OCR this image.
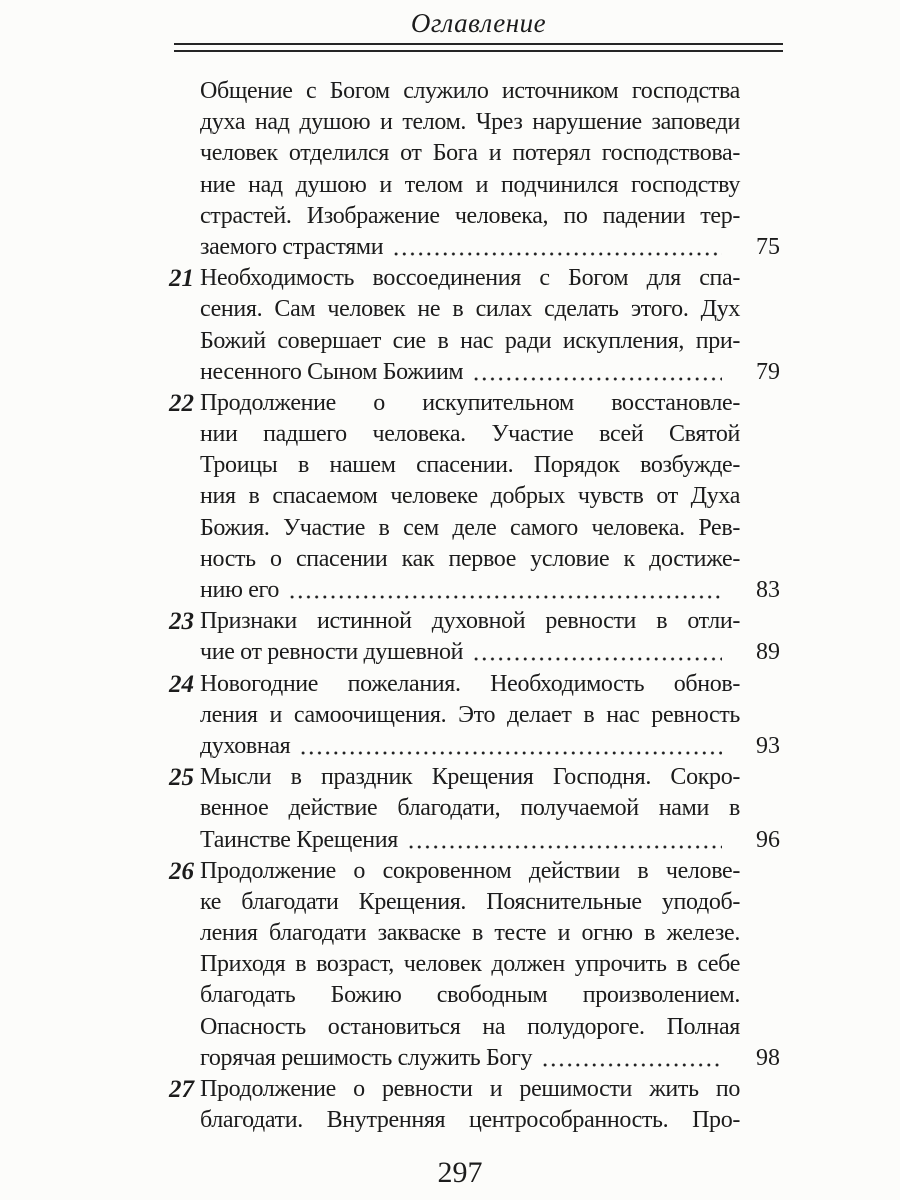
Оглавление
Общение с Богом служило источником господства
духа над душою и телом. Чрез нарушение заповеди
человек отделился от Бога и потерял господствова-
ние над душою и телом и подчинился господству
страстей. Изображение человека, по падении тер-
заемого страстями	75
21 Необходимость воссоединения с Богом для спа-
сения. Сам человек не в силах сделать этого. Дух
Божий совершает сие в нас ради искупления, при-
несенного Сыном Божиим	79
22 Продолжение о искупительном восстановле-
нии падшего человека. Участие всей Святой
Троицы в нашем спасении. Порядок возбужде-
ния в спасаемом человеке добрых чувств от Духа
Божия. Участие в сем деле самого человека. Рев-
ность о спасении как первое условие к достиже-
нию его	83
23 Признаки истинной духовной ревности в отли-
чие от ревности душевной	89
24 Новогодние пожелания. Необходимость обнов-
ления и самоочищения. Это делает в нас ревность
духовная	93
25 Мысли в праздник Крещения Господня. Сокро-
венное действие благодати, получаемой нами в
Таинстве Крещения	96
26 Продолжение о сокровенном действии в челове-
ке благодати Крещения. Пояснительные уподоб-
ления благодати закваске в тесте и огню в железе.
Приходя в возраст, человек должен упрочить в себе
благодать Божию свободным произволением.
Опасность остановиться на полудороге. Полная
горячая решимость служить Богу	98
27 Продолжение о ревности и решимости жить по
благодати. Внутренняя центрособранность. Про-
297
